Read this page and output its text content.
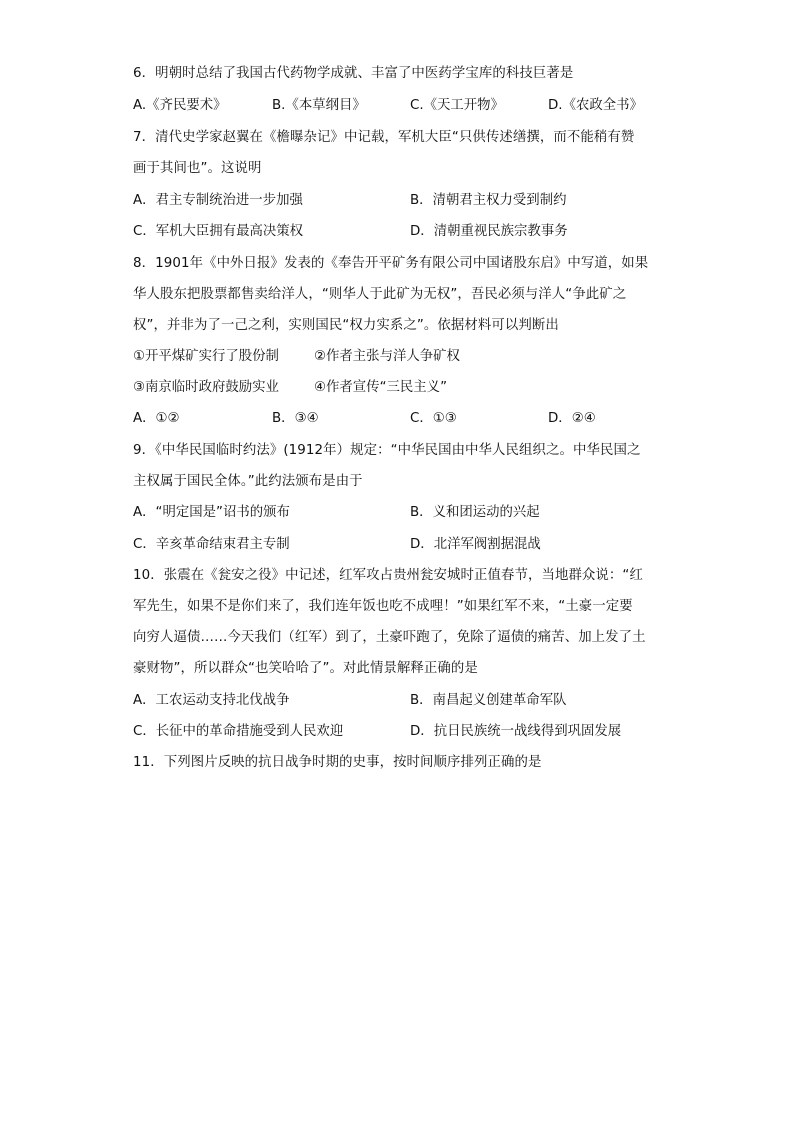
6．明朝时总结了我国古代药物学成就、丰富了中医药学宝库的科技巨著是
A.《齐民要术》	B.《本草纲目》	C.《天工开物》	D.《农政全书》
7．清代史学家赵翼在《檐曝杂记》中记载，军机大臣“只供传述缮撰，而不能稍有赞
画于其间也”。这说明
A．君主专制统治进一步加强	B．清朝君主权力受到制约
C．军机大臣拥有最高决策权	D．清朝重视民族宗教事务
8．1901年《中外日报》发表的《奉告开平矿务有限公司中国诸股东启》中写道，如果
华人股东把股票都售卖给洋人，“则华人于此矿为无权”，吾民必须与洋人“争此矿之
权”，并非为了一己之利，实则国民“权力实系之”。依据材料可以判断出
①开平煤矿实行了股份制	②作者主张与洋人争矿权
③南京临时政府鼓励实业	④作者宣传“三民主义”
A．①②	B．③④	C．①③	D．②④
9．《中华民国临时约法》(1912年）规定：“中华民国由中华人民组织之。中华民国之
主权属于国民全体。”此约法颁布是由于
A．“明定国是”诏书的颁布	B．义和团运动的兴起
C．辛亥革命结束君主专制	D．北洋军阀割据混战
10．张震在《瓮安之役》中记述，红军攻占贵州瓮安城时正值春节，当地群众说：“红
军先生，如果不是你们来了，我们连年饭也吃不成哩！”如果红军不来，“土豪一定要
向穷人逼债……今天我们（红军）到了，土豪吓跑了，免除了逼债的痛苦、加上发了土
豪财物”，所以群众“也笑哈哈了”。对此情景解释正确的是
A．工农运动支持北伐战争	B．南昌起义创建革命军队
C．长征中的革命措施受到人民欢迎	D．抗日民族统一战线得到巩固发展
11．下列图片反映的抗日战争时期的史事，按时间顺序排列正确的是
